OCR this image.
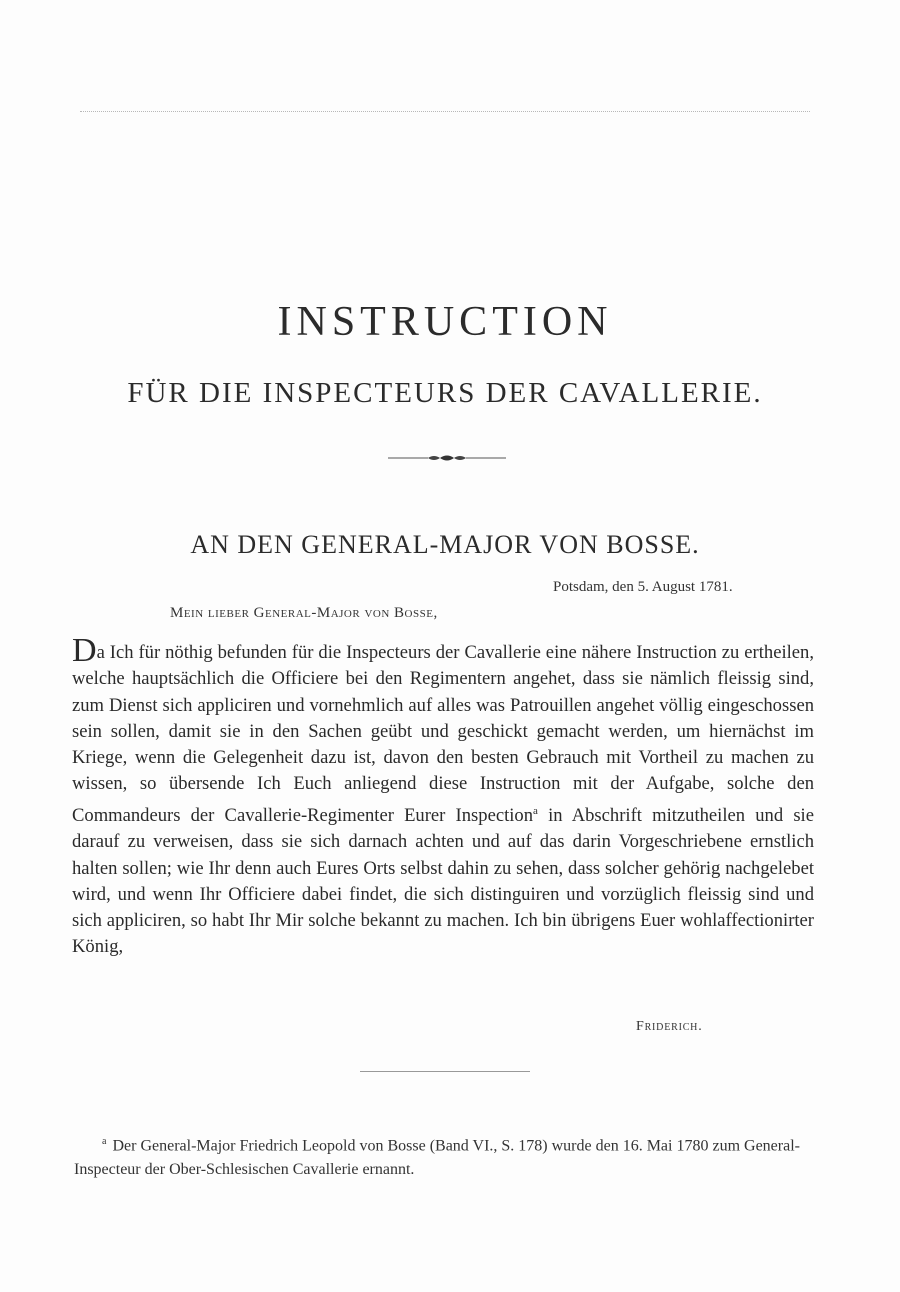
INSTRUCTION
FÜR DIE INSPECTEURS DER CAVALLERIE.
AN DEN GENERAL-MAJOR VON BOSSE.
Potsdam, den 5. August 1781.
Mein lieber General-Major von Bosse,
Da Ich für nöthig befunden für die Inspecteurs der Cavallerie eine nähere Instruction zu ertheilen, welche hauptsächlich die Officiere bei den Regimentern angehet, dass sie nämlich fleissig sind, zum Dienst sich appliciren und vornehmlich auf alles was Patrouillen angehet völlig eingeschossen sein sollen, damit sie in den Sachen geübt und geschickt gemacht werden, um hiernächst im Kriege, wenn die Gelegenheit dazu ist, davon den besten Gebrauch mit Vortheil zu machen zu wissen, so übersende Ich Euch anliegend diese Instruction mit der Aufgabe, solche den Commandeurs der Cavallerie-Regimenter Eurer Inspection$^a$ in Abschrift mitzutheilen und sie darauf zu verweisen, dass sie sich darnach achten und auf das darin Vorgeschriebene ernstlich halten sollen; wie Ihr denn auch Eures Orts selbst dahin zu sehen, dass solcher gehörig nachgelebet wird, und wenn Ihr Officiere dabei findet, die sich distinguiren und vorzüglich fleissig sind und sich appliciren, so habt Ihr Mir solche bekannt zu machen. Ich bin übrigens Euer wohlaffectionirter König,
Friderich.
$^a$ Der General-Major Friedrich Leopold von Bosse (Band VI., S. 178) wurde den 16. Mai 1780 zum General-Inspecteur der Ober-Schlesischen Cavallerie ernannt.
